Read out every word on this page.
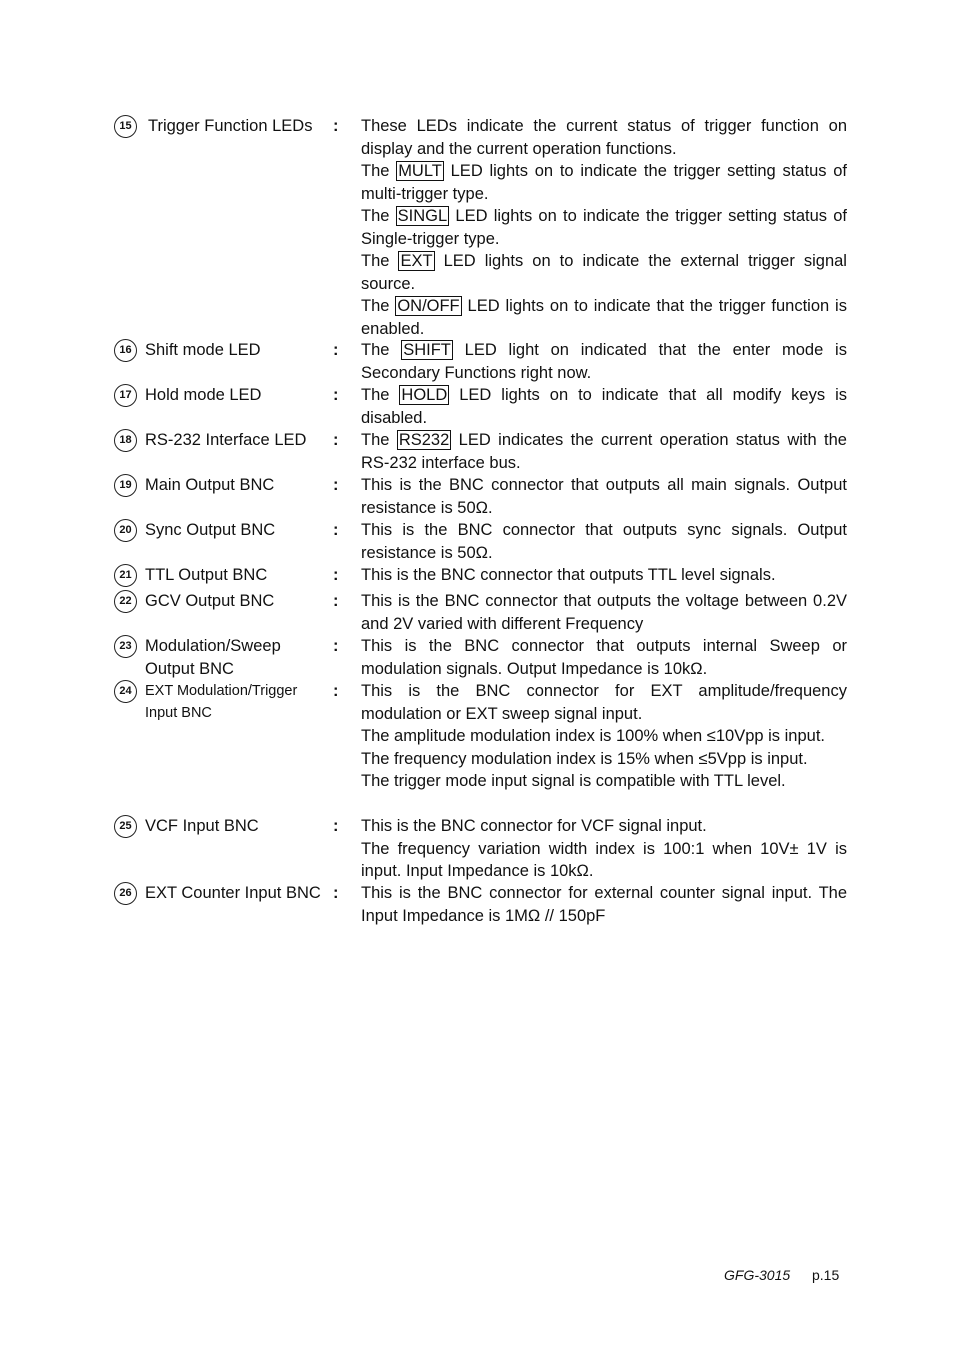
15 Trigger Function LEDs	: These LEDs indicate the current status of trigger function on display and the current operation functions.

The MULT LED lights on to indicate the trigger setting status of multi-trigger type.

The SINGL LED lights on to indicate the trigger setting status of Single-trigger type.

The EXT LED lights on to indicate the external trigger signal source.

The ON/OFF LED lights on to indicate that the trigger function is enabled.

16 Shift mode LED	: The SHIFT LED light on indicated that the enter mode is Secondary Functions right now.

17 Hold mode LED	: The HOLD LED lights on to indicate that all modify keys is disabled.

18 RS-232 Interface LED	: The RS232 LED indicates the current operation status with the RS-232 interface bus.

19 Main Output BNC	: This is the BNC connector that outputs all main signals. Output resistance is 50Ω.

20 Sync Output BNC	: This is the BNC connector that outputs sync signals. Output resistance is 50Ω.

21 TTL Output BNC	: This is the BNC connector that outputs TTL level signals.

22 GCV Output BNC	: This is the BNC connector that outputs the voltage between 0.2V and 2V varied with different Frequency

23 Modulation/Sweep Output BNC
: This is the BNC connector that outputs internal Sweep or modulation signals. Output Impedance is 10kΩ.

24 EXT Modulation/Trigger Input BNC
: This is the BNC connector for EXT amplitude/frequency modulation or EXT sweep signal input.

The amplitude modulation index is 100% when ≤10Vpp is input.

The frequency modulation index is 15% when ≤5Vpp is input.

The trigger mode input signal is compatible with TTL level.

25 VCF Input BNC	: This is the BNC connector for VCF signal input.

The frequency variation width index is 100:1 when 10V± 1V is input. Input Impedance is 10kΩ.

26 EXT Counter Input BNC : This is the BNC connector for external counter signal input. The Input Impedance is 1MΩ // 150pF

GFG-3015 p.15
